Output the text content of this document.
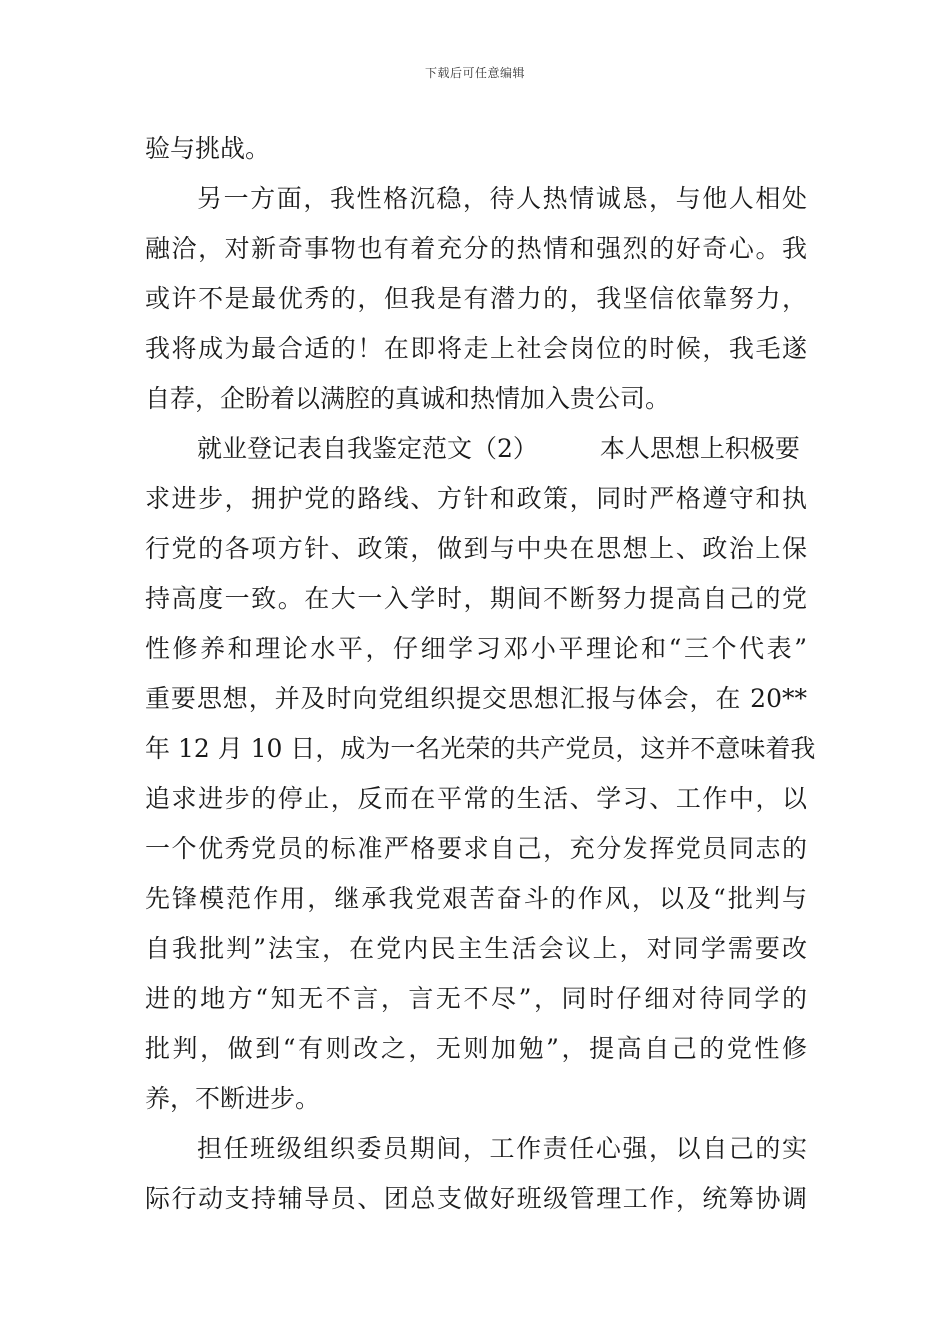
下载后可任意编辑
验与挑战。
另一方面，我性格沉稳，待人热情诚恳，与他人相处
融洽，对新奇事物也有着充分的热情和强烈的好奇心。我
或许不是最优秀的，但我是有潜力的，我坚信依靠努力，
我将成为最合适的！在即将走上社会岗位的时候，我毛遂
自荐，企盼着以满腔的真诚和热情加入贵公司。
就业登记表自我鉴定范文（2） 本人思想上积极要
求进步，拥护党的路线、方针和政策，同时严格遵守和执
行党的各项方针、政策，做到与中央在思想上、政治上保
持高度一致。在大一入学时，期间不断努力提高自己的党
性修养和理论水平，仔细学习邓小平理论和“三个代表”
重要思想，并及时向党组织提交思想汇报与体会，在 20**
年 12 月 10 日，成为一名光荣的共产党员，这并不意味着我
追求进步的停止，反而在平常的生活、学习、工作中，以
一个优秀党员的标准严格要求自己，充分发挥党员同志的
先锋模范作用，继承我党艰苦奋斗的作风，以及“批判与
自我批判”法宝，在党内民主生活会议上，对同学需要改
进的地方“知无不言，言无不尽”，同时仔细对待同学的
批判，做到“有则改之，无则加勉”，提高自己的党性修
养，不断进步。
担任班级组织委员期间，工作责任心强，以自己的实
际行动支持辅导员、团总支做好班级管理工作，统筹协调
